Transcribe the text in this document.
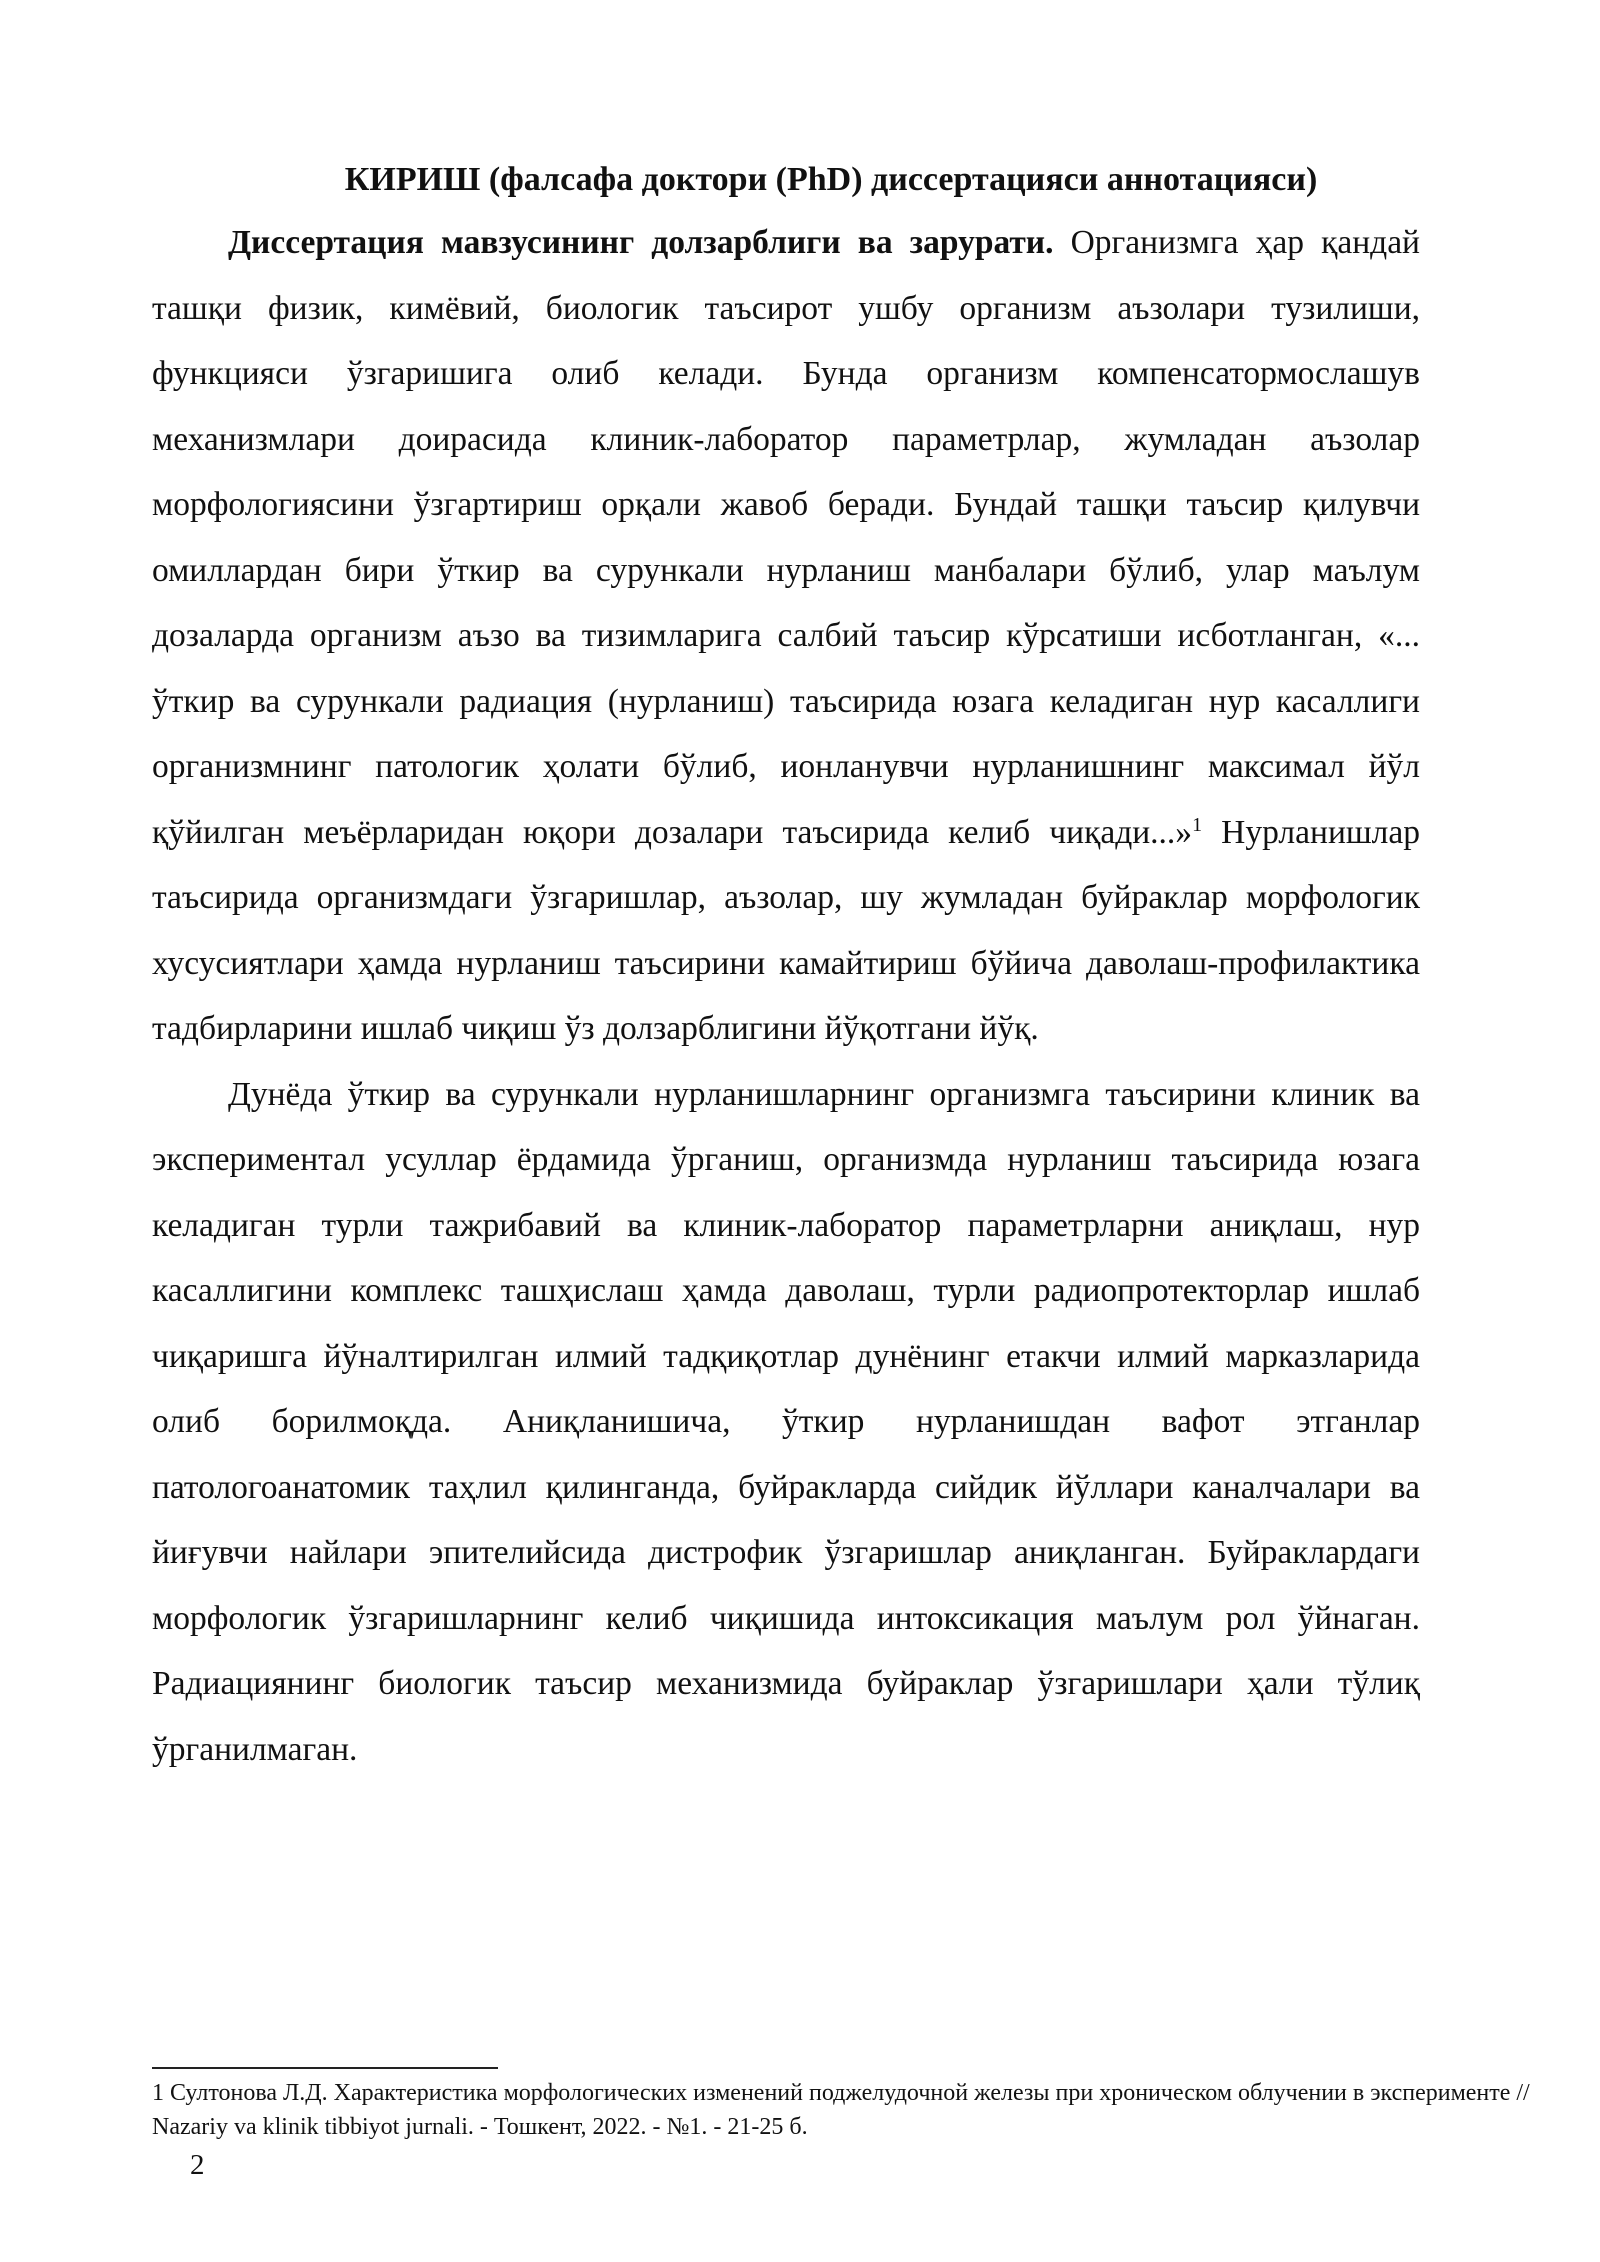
КИРИШ (фалсафа доктори (PhD) диссертацияси аннотацияси)

Диссертация мавзусининг долзарблиги ва зарурати. Организмга ҳар қандай ташқи физик, кимёвий, биологик таъсирот ушбу организм аъзолари тузилиши, функцияси ўзгаришига олиб келади. Бунда организм компенсатормослашув механизмлари доирасида клиник-лаборатор параметрлар, жумладан аъзолар морфологиясини ўзгартириш орқали жавоб беради. Бундай ташқи таъсир қилувчи омиллардан бири ўткир ва сурункали нурланиш манбалари бўлиб, улар маълум дозаларда организм аъзо ва тизимларига салбий таъсир кўрсатиши исботланган, «... ўткир ва сурункали радиация (нурланиш) таъсирида юзага келадиган нур касаллиги организмнинг патологик ҳолати бўлиб, ионланувчи нурланишнинг максимал йўл қўйилган меъёрларидан юқори дозалари таъсирида келиб чиқади...»$^1$ Нурланишлар таъсирида организмдаги ўзгаришлар, аъзолар, шу жумладан буйраклар морфологик хусусиятлари ҳамда нурланиш таъсирини камайтириш бўйича даволаш-профилактика тадбирларини ишлаб чиқиш ўз долзарблигини йўқотгани йўқ.

Дунёда ўткир ва сурункали нурланишларнинг организмга таъсирини клиник ва экспериментал усуллар ёрдамида ўрганиш, организмда нурланиш таъсирида юзага келадиган турли тажрибавий ва клиник-лаборатор параметрларни аниқлаш, нур касаллигини комплекс ташҳислаш ҳамда даволаш, турли радиопротекторлар ишлаб чиқаришга йўналтирилган илмий тадқиқотлар дунёнинг етакчи илмий марказларида олиб борилмоқда. Аниқланишича, ўткир нурланишдан вафот этганлар патологоанатомик таҳлил қилинганда, буйракларда сийдик йўллари каналчалари ва йиғувчи найлари эпителийсида дистрофик ўзгаришлар аниқланган. Буйраклардаги морфологик ўзгаришларнинг келиб чиқишида интоксикация маълум рол ўйнаган. Радиациянинг биологик таъсир механизмида буйраклар ўзгаришлари ҳали тўлиқ ўрганилмаган.

1 Султонова Л.Д. Характеристика морфологических изменений поджелудочной железы при хроническом облучении в эксперименте // Nazariy va klinik tibbiyot jurnali. - Тошкент, 2022. - №1. - 21-25 б.

2
